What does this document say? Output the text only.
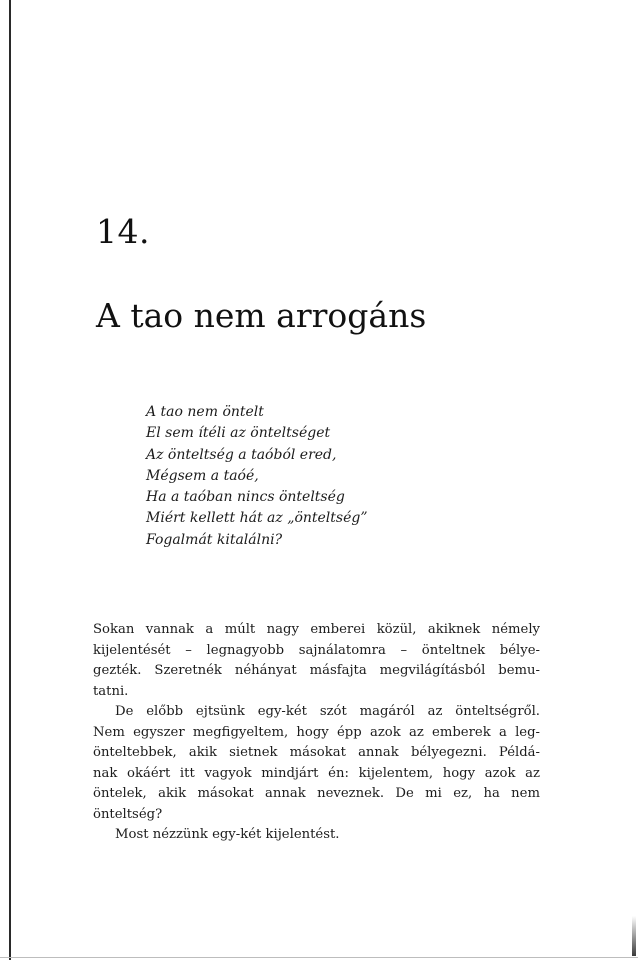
14.
A tao nem arrogáns
A tao nem öntelt
El sem ítéli az önteltséget
Az önteltség a taóból ered,
Mégsem a taóé,
Ha a taóban nincs önteltség
Miért kellett hát az „önteltség”
Fogalmát kitalálni?
Sokan vannak a múlt nagy emberei közül, akiknek némely
kijelentését – legnagyobb sajnálatomra – önteltnek bélye-
gezték. Szeretnék néhányat másfajta megvilágításból bemu-
tatni.
De előbb ejtsünk egy-két szót magáról az önteltségről.
Nem egyszer megfigyeltem, hogy épp azok az emberek a leg-
önteltebbek, akik sietnek másokat annak bélyegezni. Példá-
nak okáért itt vagyok mindjárt én: kijelentem, hogy azok az
öntelek, akik másokat annak neveznek. De mi ez, ha nem
önteltség?
Most nézzünk egy-két kijelentést.
